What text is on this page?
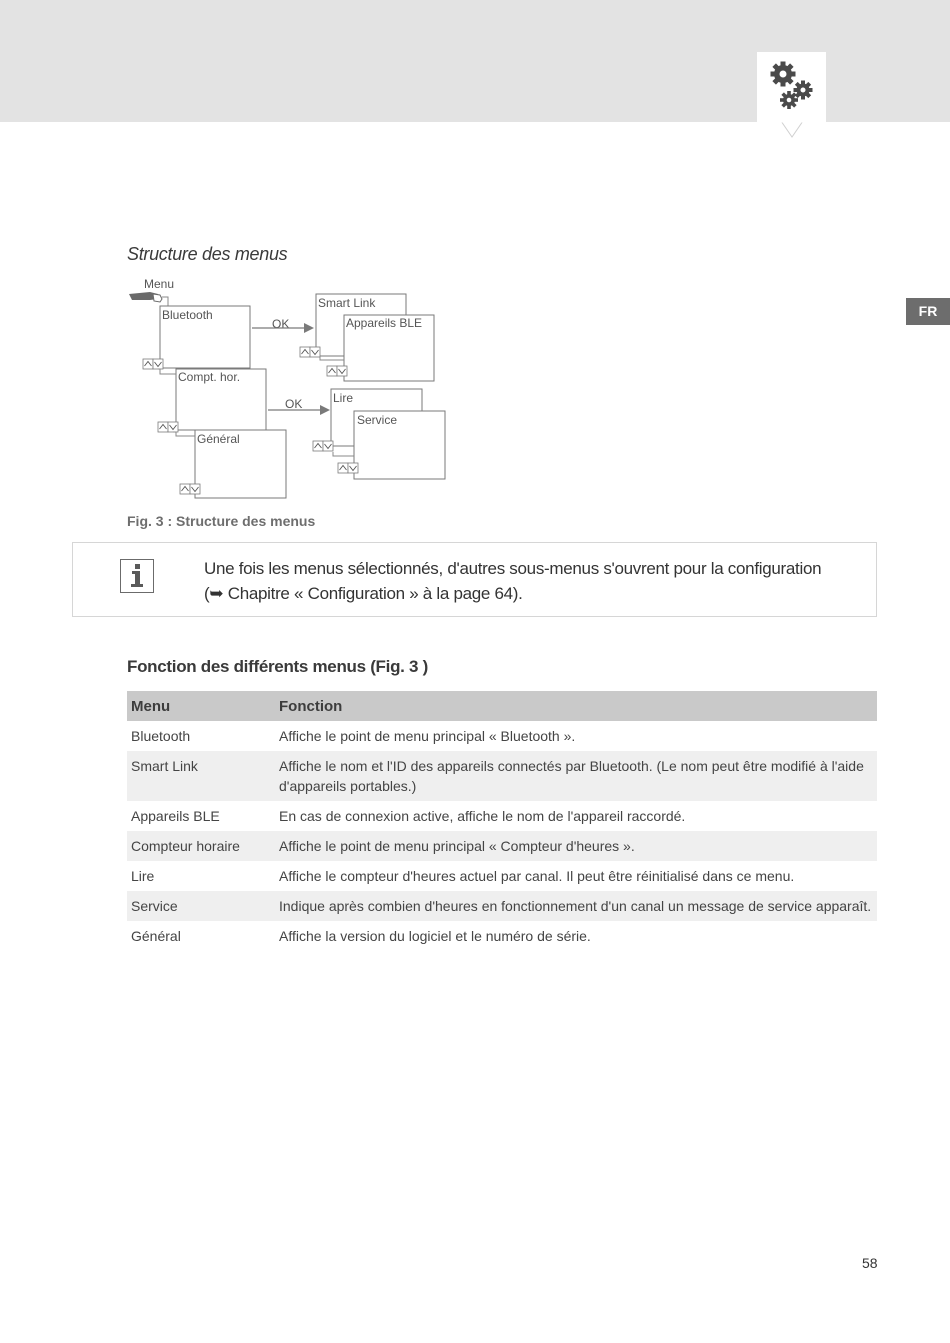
FR
Structure des menus
Menu
Bluetooth
Compt. hor.
Général
OK
OK
Smart Link
Appareils BLE
Lire
Service
Fig. 3 : Structure des menus
Une fois les menus sélectionnés, d'autres sous-menus s'ouvrent pour la configuration
(➥ Chapitre « Configuration » à la page 64).
Fonction des différents menus (Fig. 3 )
Menu	Fonction
Bluetooth	Affiche le point de menu principal « Bluetooth ».
Smart Link	Affiche le nom et l'ID des appareils connectés par Bluetooth. (Le nom peut être modifié à l'aide d'appareils portables.)
Appareils BLE	En cas de connexion active, affiche le nom de l'appareil raccordé.
Compteur horaire	Affiche le point de menu principal « Compteur d'heures ».
Lire	Affiche le compteur d'heures actuel par canal. Il peut être réinitialisé dans ce menu.
Service	Indique après combien d'heures en fonctionnement d'un canal un message de service apparaît.
Général	Affiche la version du logiciel et le numéro de série.
58
